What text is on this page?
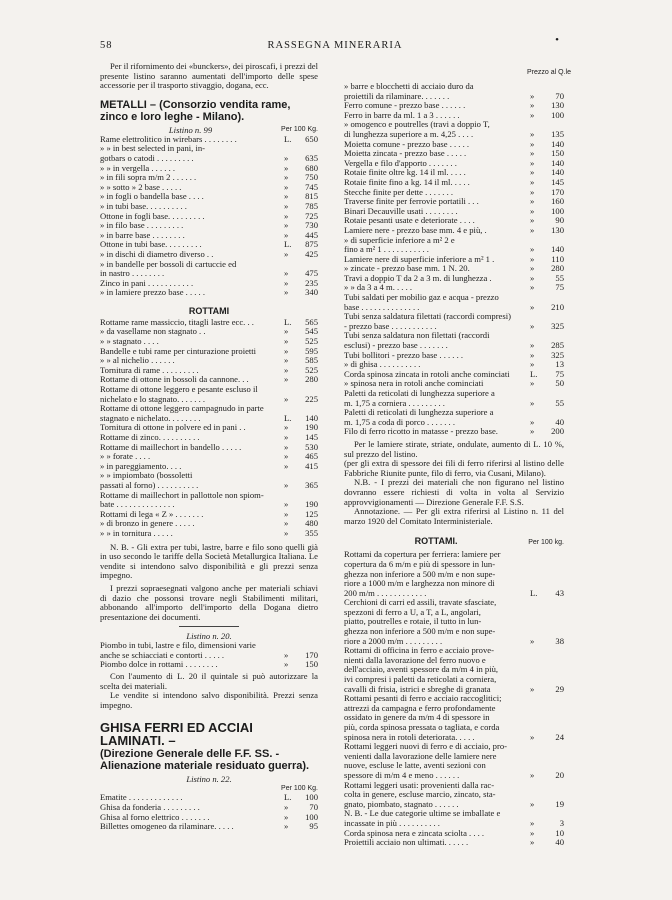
58	RASSEGNA MINERARIA	•

Per il rifornimento dei «bunckers», dei piroscafi, i prezzi del presente listino saranno aumentati dell'importo delle spese accessorie per il trasporto stivaggio, dogana, ecc.

METALLI – (Consorzio vendita rame, zinco e loro leghe - Milano).
Listino n. 99	Per 100 Kg.
Rame elettrolitico in wirebars . . . . . . . .	L.	650
» » in best selected in pani, in-
gotbars o catodi . . . . . . . . .	»	635
» » in vergella . . . . . .	»	680
» in fili sopra m/m 2 . . . . . .	»	750
» » sotto » 2 base . . . . .	»	745
» in fogli o bandella base . . . .	»	815
» in tubi base. . . . . . . . . .	»	785
Ottone in fogli base. . . . . . . . .	»	725
» in filo base . . . . . . . . .	»	730
» in barre base . . . . . . . .	»	445
Ottone in tubi base. . . . . . . . .	L.	875
» in dischi di diametro diverso . .	»	425
» in bandelle per bossoli di cartuccie ed
in nastro . . . . . . . .	»	475
Zinco in pani . . . . . . . . . . .	»	235
» in lamiere prezzo base . . . . .	»	340
ROTTAMI
Rottame rame massiccio, titagli lastre ecc. . .	L.	565
» da vasellame non stagnato . .	»	545
» » stagnato . . . .	»	525
Bandelle e tubi rame per cinturazione proietti	»	595
» » al nichelio . . . . . .	»	585
Tornitura di rame . . . . . . . . .	»	525
Rottame di ottone in bossoli da cannone. . .	»	280
Rottame di ottone leggero e pesante escluso il
nichelato e lo stagnato. . . . . . .	»	225
Rottame di ottone leggero campagnudo in parte
stagnato e nichelato. . . . . . . .	L.	140
Tornitura di ottone in polvere ed in pani . .	»	190
Rottame di zinco. . . . . . . . . .	»	145
Rottame di maillechort in bandello . . . . .	»	530
» » forate . . . .	»	465
» in pareggiamento. . . .	»	415
» » impiombato (bossoletti
passati al forno) . . . . . . . . . .	»	365
Rottame di maillechort in pallottole non spiom-
bate . . . . . . . . . . . . . .	»	190
Rottami di lega « Z » . . . . . . .	»	125
» di bronzo in genere . . . . .	»	480
» » in tornitura . . . . .	»	355

N. B. - Gli extra per tubi, lastre, barre e filo sono quelli già in uso secondo le tariffe della Società Metallurgica Italiana. Le vendite si intendono salvo disponibilità e gli prezzi senza impegno.

I prezzi sopraesegnati valgono anche per materiali schiavi di dazio che possonsi trovare negli Stabilimenti militari, abbonando all'importo dell'importo della Dogana dietro presentazione dei documenti.

Listino n. 20.
Piombo in tubi, lastre e filo, dimensioni varie
anche se schiacciati e contorti . . . . .	»	170
Piombo dolce in rottami . . . . . . . .	»	150

Con l'aumento di L. 20 il quintale si può autorizzare la scelta dei materiali.

Le vendite si intendono salvo disponibilità. Prezzi senza impegno.

GHISA FERRI ED ACCIAI LAMINATI. –
(Direzione Generale delle F.F. SS. - Alienazione materiale residuato guerra).
Listino n. 22.
Per 100 Kg.
Ematite . . . . . . . . . . . . .	L.	100
Ghisa da fonderia . . . . . . . . .	»	70
Ghisa al forno elettrico . . . . . . .	»	100
Billettes omogeneo da rilaminare. . . . .	»	95
Prezzo al Q.le
» barre e blocchetti di acciaio duro da
proiettili da rilaminare. . . . . . .	»	70
Ferro comune - prezzo base . . . . . .	»	130
Ferro in barre da ml. 1 a 3 . . . . . .	»	100
» omogenco e poutrelles (travi a doppio T,
di lunghezza superiore a m. 4,25 . . . .	»	135
Moietta comune - prezzo base . . . . .	»	140
Moietta zincata - prezzo base . . . . .	»	150
Vergella e filo d'apporto . . . . . . .	»	140
Rotaie finite oltre kg. 14 il ml. . . . .	»	140
Rotaie finite fino a kg. 14 il ml. . . . .	»	145
Stecche finite per dette . . . . . . .	»	170
Traverse finite per ferrovie portatili . . .	»	160
Binari Decauville usati . . . . . . . .	»	100
Rotaie pesanti usate e deteriorate . . . .	»	90
Lamiere nere - prezzo base mm. 4 e più, .	»	130
» di superficie inferiore a m² 2 e
fino a m² 1 . . . . . . . . . . .	»	140
Lamiere nere di superficie inferiore a m² 1 .	»	110
» zincate - prezzo base mm. 1 N. 20.	»	280
Travi a doppio T da 2 a 3 m. di lunghezza .	»	55
» » da 3 a 4 m. . . . .	»	75
Tubi saldati per mobilio gaz e acqua - prezzo
base . . . . . . . . . . . . . .	»	210
Tubi senza saldatura filettati (raccordi compresi)
- prezzo base . . . . . . . . . . .	»	325
Tubi senza saldatura non filettati (raccordi
esclusi) - prezzo base . . . . . . .	»	285
Tubi bollitori - prezzo base . . . . . .	»	325
» di ghisa . . . . . . . . . .	»	13
Corda spinosa zincata in rotoli anche cominciati	L.	75
» spinosa nera in rotoli anche cominciati	»	50
Paletti da reticolati di lunghezza superiore a
m. 1,75 a corniera . . . . . . . . .	»	55
Paletti di reticolati di lunghezza superiore a
m. 1,75 a coda di porco . . . . . . .	»	40
Filo di ferro ricotto in matasse - prezzo base.	»	200

Per le lamiere stirate, striate, ondulate, aumento di L. 10 %, sul prezzo del listino.

(per gli extra di spessore dei fili di ferro riferirsi al listino delle Fabbriche Riunite punte, filo di ferro, via Cusani, Milano).

N.B. - I prezzi dei materiali che non figurano nel listino dovranno essere richiesti di volta in volta al Servizio approvvigionamenti — Direzione Generale F.F. S.S.

Annotazione. — Per gli extra riferirsi al Listino n. 11 del marzo 1920 del Comitato Interministeriale.

ROTTAMI.	Per 100 kg.
Rottami da copertura per ferriera: lamiere per
copertura da 6 m/m e più di spessore in lun-
ghezza non inferiore a 500 m/m e non supe-
riore a 1000 m/m e larghezza non minore di
200 m/m . . . . . . . . . . . .	L.	43
Cerchioni di carri ed assili, travate sfasciate,
spezzoni di ferro a U, a T, a L, angolari,
piatto, poutrelles e rotaie, il tutto in lun-
ghezza non inferiore a 500 m/m e non supe-
riore a 2000 m/m . . . . . . . . .	»	38
Rottami di officina in ferro e acciaio prove-
nienti dalla lavorazione del ferro nuovo e
dell'acciaio, aventi spessore da m/m 4 in più,
ivi compresi i paletti da reticolati a corniera,
cavalli di frisia, istrici e sbreghe di granata	»	29
Rottami pesanti di ferro e acciaio raccoglitici;
attrezzi da campagna e ferro profondamente
ossidato in genere da m/m 4 di spessore in
più, corda spinosa pressata o tagliata, e corda
spinosa nera in rotoli deteriorata. . . . .	»	24
Rottami leggeri nuovi di ferro e di acciaio, pro-
venienti dalla lavorazione delle lamiere nere
nuove, escluse le latte, aventi sezioni con
spessore di m/m 4 e meno . . . . . .	»	20
Rottami leggeri usati: provenienti dalla rac-
colta in genere, escluse marcio, zincato, sta-
gnato, piombato, stagnato . . . . . .	»	19
N. B. - Le due categorie ultime se imballate e
incassate in più . . . . . . . . . .	»	3
Corda spinosa nera e zincata sciolta . . . .	»	10
Proiettili acciaio non ultimati. . . . . .	»	40
